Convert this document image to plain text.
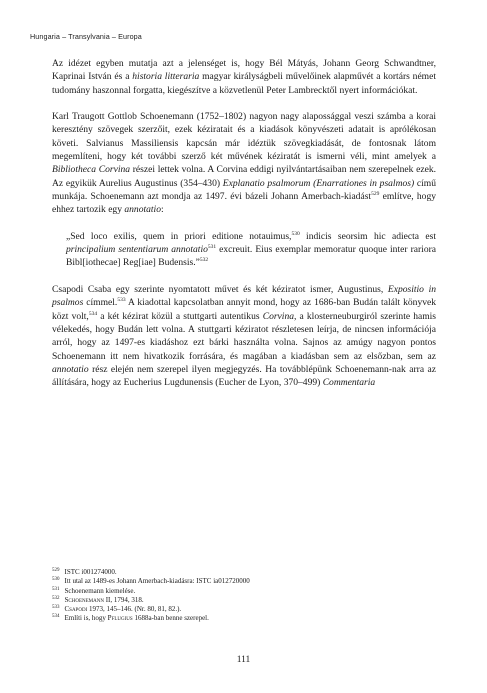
Hungaria – Transylvania – Europa

Az idézet egyben mutatja azt a jelenséget is, hogy Bél Mátyás, Johann Georg Schwandtner, Kaprinai István és a historia litteraria magyar királyságbeli művelőinek alapművét a kortárs német tudomány haszonnal forgatta, kiegészítve a közvetlenül Peter Lambrecktől nyert információkat.

Karl Traugott Gottlob Schoenemann (1752–1802) nagyon nagy alapossággal veszi számba a korai keresztény szövegek szerzőit, ezek kéziratait és a kiadások könyvészeti adatait is aprólékosan követi. Salvianus Massiliensis kapcsán már idéztük szövegkiadását, de fontosnak látom megemlíteni, hogy két további szerző két művének kéziratát is ismerni véli, mint amelyek a Bibliotheca Corvina részei lettek volna. A Corvina eddigi nyilvántartásaiban nem szerepelnek ezek. Az egyikük Aurelius Augustinus (354–430) Explanatio psalmorum (Enarrationes in psalmos) című munkája. Schoenemann azt mondja az 1497. évi bázeli Johann Amerbach-kiadást$^{529}$ említve, hogy ehhez tartozik egy annotatio:

„Sed loco exilis, quem in priori editione notauimus,$^{530}$ indicis seorsim hic adiecta est principalium sententiarum annotatio$^{531}$ excreuit. Eius exemplar memoratur quoque inter rariora Bibl[iothecae] Reg[iae] Budensis.”$^{532}$

Csapodi Csaba egy szerinte nyomtatott művet és két kéziratot ismer, Augustinus, Expositio in psalmos címmel.$^{533}$ A kiadottal kapcsolatban annyit mond, hogy az 1686-ban Budán talált könyvek közt volt,$^{534}$ a két kézirat közül a stuttgarti autentikus Corvina, a klosterneuburgiról szerinte hamis vélekedés, hogy Budán lett volna. A stuttgarti kéziratot részletesen leírja, de nincsen információja arról, hogy az 1497-es kiadáshoz ezt bárki használta volna. Sajnos az amúgy nagyon pontos Schoenemann itt nem hivatkozik forrására, és magában a kiadásban sem az elsőzban, sem az annotatio rész elején nem szerepel ilyen megjegyzés. Ha továbblépünk Schoenemann-nak arra az állítására, hogy az Eucherius Lugdunensis (Eucher de Lyon, 370–499) Commentaria

$^{529}$ ISTC i001274000.
$^{530}$ Itt utal az 1489-es Johann Amerbach-kiadásra: ISTC ia012720000
$^{531}$ Schoenemann kiemelése.
$^{532}$ Schoenemann II, 1794, 318.
$^{533}$ Csapodi 1973, 145–146. (Nr. 80, 81, 82.).
$^{534}$ Említi is, hogy Pflugius 1688a-ban benne szerepel.
111
